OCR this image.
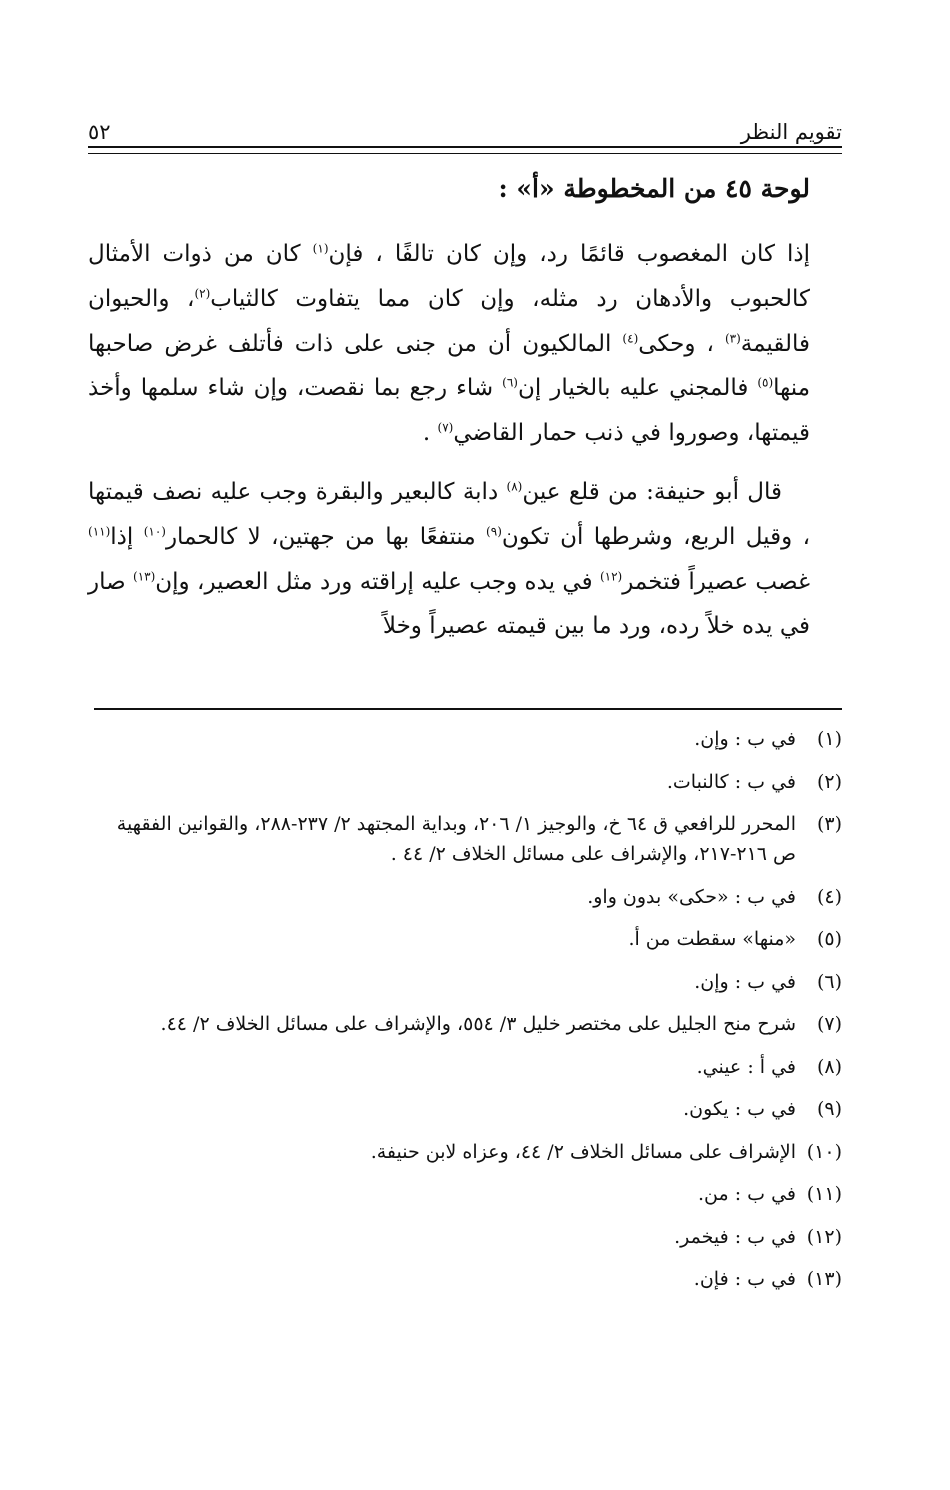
تقويم النظر
٥٢
لوحة ٤٥ من المخطوطة «أ» :

إذا كان المغصوب قائمًا رد، وإن كان تالفًا ، فإن$^{(١)}$ كان من ذوات الأمثال كالحبوب والأدهان رد مثله، وإن كان مما يتفاوت كالثياب$^{(٢)}$، والحيوان فالقيمة$^{(٣)}$ ، وحكى$^{(٤)}$ المالكيون أن من جنى على ذات فأتلف غرض صاحبها منها$^{(٥)}$ فالمجني عليه بالخيار إن$^{(٦)}$ شاء رجع بما نقصت، وإن شاء سلمها وأخذ قيمتها، وصوروا في ذنب حمار القاضي$^{(٧)}$ .

قال أبو حنيفة: من قلع عين$^{(٨)}$ دابة كالبعير والبقرة وجب عليه نصف قيمتها ، وقيل الربع، وشرطها أن تكون$^{(٩)}$ منتفعًا بها من جهتين، لا كالحمار$^{(١٠)}$ إذا$^{(١١)}$ غصب عصيراً فتخمر$^{(١٢)}$ في يده وجب عليه إراقته ورد مثل العصير، وإن$^{(١٣)}$ صار في يده خلاً رده، ورد ما بين قيمته عصيراً وخلاً

(١)في ب : وإن.
(٢)في ب : كالنبات.
(٣)المحرر للرافعي ق ٦٤ خ، والوجيز ١/ ٢٠٦، وبداية المجتهد ٢/ ٢٣٧-٢٨٨، والقوانين الفقهية ص ٢١٦-٢١٧، والإشراف على مسائل الخلاف ٢/ ٤٤ .
(٤)في ب : «حكى» بدون واو.
(٥)«منها» سقطت من أ.
(٦)في ب : وإن.
(٧)شرح منح الجليل على مختصر خليل ٣/ ٥٥٤، والإشراف على مسائل الخلاف ٢/ ٤٤.
(٨)في أ : عيني.
(٩)في ب : يكون.
(١٠)الإشراف على مسائل الخلاف ٢/ ٤٤، وعزاه لابن حنيفة.
(١١)في ب : من.
(١٢)في ب : فيخمر.
(١٣)في ب : فإن.
